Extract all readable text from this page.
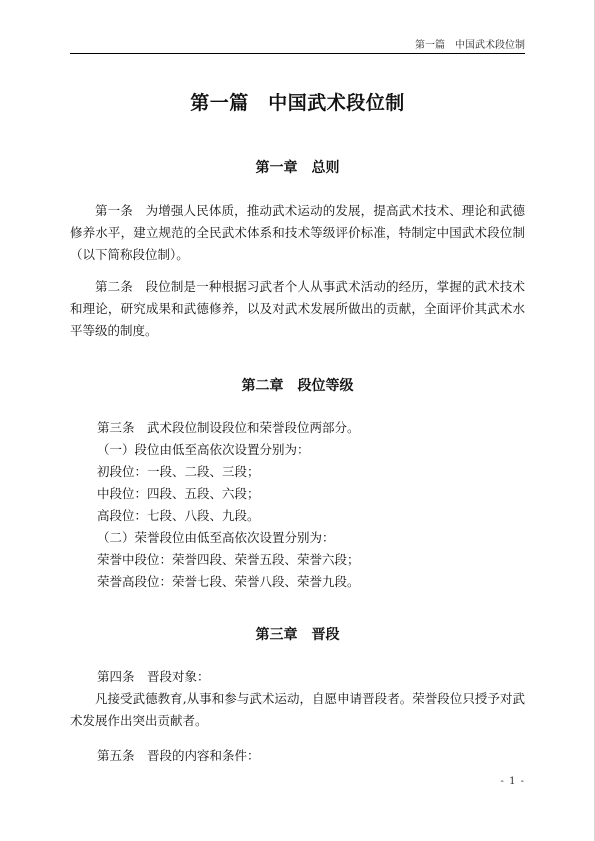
第一篇　中国武术段位制
第一篇　中国武术段位制
第一章　总则
第一条　为增强人民体质，推动武术运动的发展，提高武术技术、理论和武德修养水平，建立规范的全民武术体系和技术等级评价标准，特制定中国武术段位制（以下简称段位制）。
第二条　段位制是一种根据习武者个人从事武术活动的经历，掌握的武术技术和理论，研究成果和武德修养，以及对武术发展所做出的贡献，全面评价其武术水平等级的制度。
第二章　段位等级
第三条　武术段位制设段位和荣誉段位两部分。
（一）段位由低至高依次设置分别为：
初段位：一段、二段、三段；
中段位：四段、五段、六段；
高段位：七段、八段、九段。
（二）荣誉段位由低至高依次设置分别为：
荣誉中段位：荣誉四段、荣誉五段、荣誉六段；
荣誉高段位：荣誉七段、荣誉八段、荣誉九段。
第三章　晋段
第四条　晋段对象：
凡接受武德教育,从事和参与武术运动，自愿申请晋段者。荣誉段位只授予对武术发展作出突出贡献者。
第五条　晋段的内容和条件：
- 1 -
